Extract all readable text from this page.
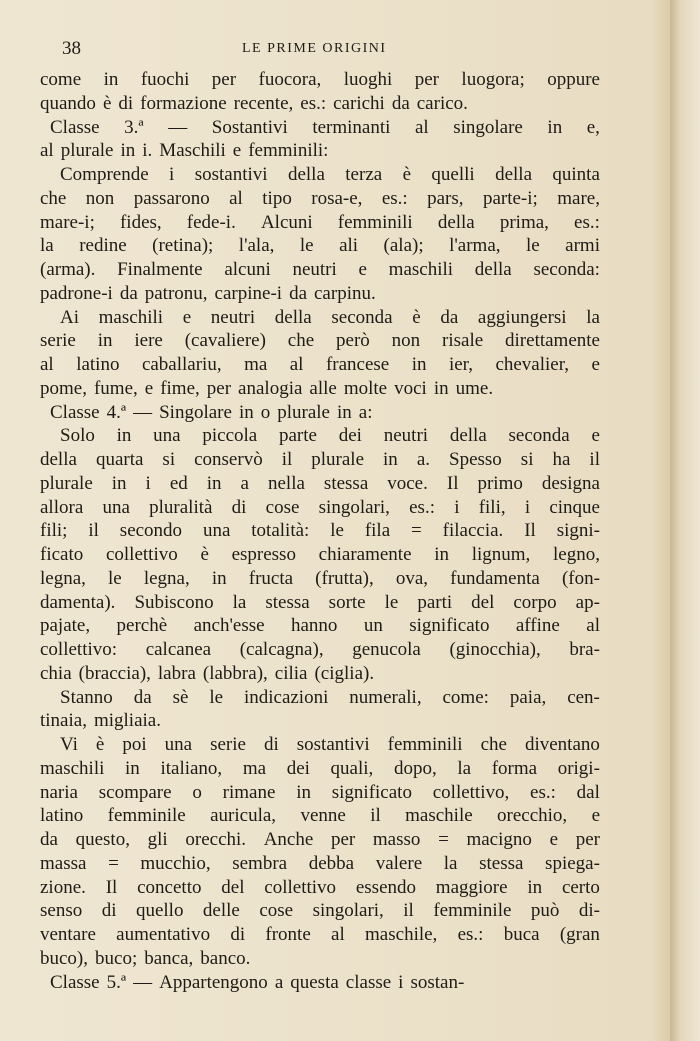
38	LE PRIME ORIGINI
come in fuochi per fuocora, luoghi per luogora; oppure
quando è di formazione recente, es.: carichi da carico.
Classe 3.ª — Sostantivi terminanti al singolare in e,
al plurale in i. Maschili e femminili:
Comprende i sostantivi della terza è quelli della quinta
che non passarono al tipo rosa-e, es.: pars, parte-i; mare,
mare-i; fides, fede-i. Alcuni femminili della prima, es.:
la redine (retina); l'ala, le ali (ala); l'arma, le armi
(arma). Finalmente alcuni neutri e maschili della seconda:
padrone-i da patronu, carpine-i da carpinu.
Ai maschili e neutri della seconda è da aggiungersi la
serie in iere (cavaliere) che però non risale direttamente
al latino caballariu, ma al francese in ier, chevalier, e
pome, fume, e fime, per analogia alle molte voci in ume.
Classe 4.ª — Singolare in o plurale in a:
Solo in una piccola parte dei neutri della seconda e
della quarta si conservò il plurale in a. Spesso si ha il
plurale in i ed in a nella stessa voce. Il primo designa
allora una pluralità di cose singolari, es.: i fili, i cinque
fili; il secondo una totalità: le fila = filaccia. Il signi-
ficato collettivo è espresso chiaramente in lignum, legno,
legna, le legna, in fructa (frutta), ova, fundamenta (fon-
damenta). Subiscono la stessa sorte le parti del corpo ap-
pajate, perchè anch'esse hanno un significato affine al
collettivo: calcanea (calcagna), genucola (ginocchia), bra-
chia (braccia), labra (labbra), cilia (ciglia).
Stanno da sè le indicazioni numerali, come: paia, cen-
tinaia, migliaia.
Vi è poi una serie di sostantivi femminili che diventano
maschili in italiano, ma dei quali, dopo, la forma origi-
naria scompare o rimane in significato collettivo, es.: dal
latino femminile auricula, venne il maschile orecchio, e
da questo, gli orecchi. Anche per masso = macigno e per
massa = mucchio, sembra debba valere la stessa spiega-
zione. Il concetto del collettivo essendo maggiore in certo
senso di quello delle cose singolari, il femminile può di-
ventare aumentativo di fronte al maschile, es.: buca (gran
buco), buco; banca, banco.
Classe 5.ª — Appartengono a questa classe i sostan-
